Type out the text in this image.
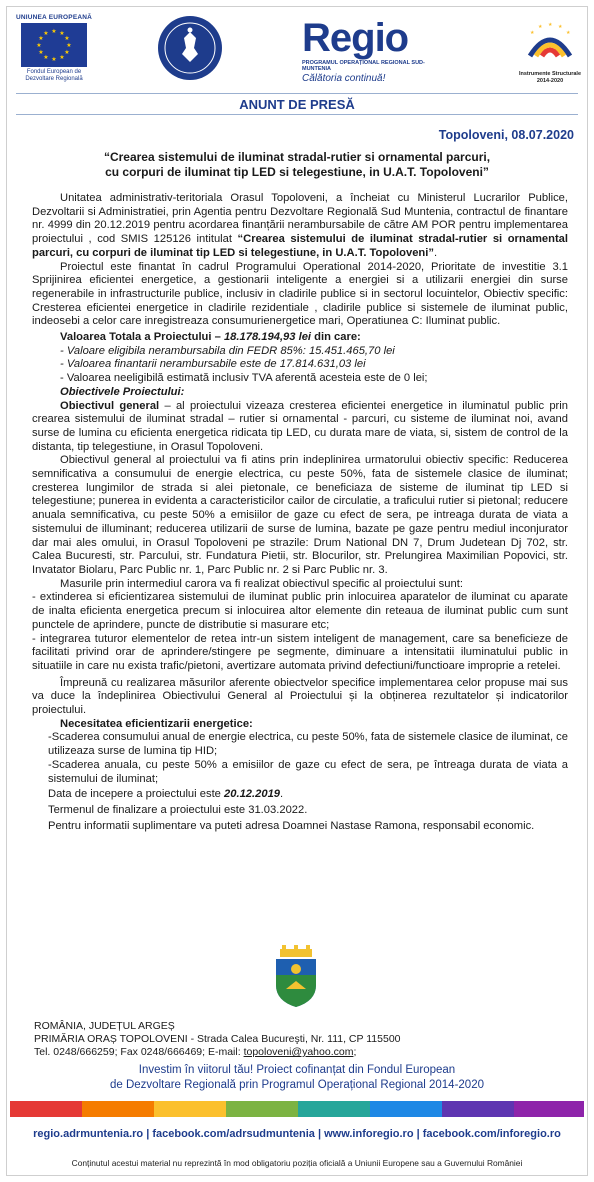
UNIUNEA EUROPEANĂ
★ ★
★
★
★
★
★
★
★
★
★
★
Fondul European de
Dezvoltare Regională
Regio
PROGRAMUL OPERAȚIONAL REGIONAL SUD-MUNTENIA
Călătoria continuă!
★
★ ★ ★
★
Instrumente Structurale
2014-2020
ANUNT DE PRESĂ
Topoloveni, 08.07.2020
“Crearea sistemului de iluminat stradal-rutier si ornamental parcuri,
cu corpuri de iluminat tip LED si telegestiune, in U.A.T. Topoloveni”

Unitatea administrativ-teritoriala Orasul Topoloveni, a încheiat cu Ministerul Lucrarilor Publice, Dezvoltarii si Administratiei, prin Agentia pentru Dezvoltare Regională Sud Muntenia, contractul de finantare nr. 4999 din 20.12.2019 pentru acordarea finanțării nerambursabile de către AM POR pentru implementarea proiectului , cod SMIS 125126 intitulat “Crearea sistemului de iluminat stradal-rutier si ornamental parcuri, cu corpuri de iluminat tip LED si telegestiune, in U.A.T. Topoloveni”.

Proiectul este finantat în cadrul Programului Operational 2014-2020, Prioritate de investitie 3.1 Sprijinirea eficientei energetice, a gestionarii inteligente a energiei si a utilizarii energiei din surse regenerabile in infrastructurile publice, inclusiv in cladirile publice si in sectorul locuintelor, Obiectiv specific: Cresterea eficientei energetice in cladirile rezidentiale , cladirile publice si sistemele de iluminat public, indeosebi a celor care inregistreaza consumurienergetice mari, Operatiunea C: Iluminat public.

Valoarea Totala a Proiectului – 18.178.194,93 lei din care:

- Valoare eligibila nerambursabila din FEDR 85%: 15.451.465,70 lei

- Valoarea finantarii nerambursabile este de 17.814.631,03 lei

- Valoarea neeligibilă estimată inclusiv TVA aferentă acesteia este de 0 lei;

Obiectivele Proiectului:

Obiectivul general – al proiectului vizeaza cresterea eficientei energetice in iluminatul public prin crearea sistemului de iluminat stradal – rutier si ornamental - parcuri, cu sisteme de iluminat noi, avand surse de lumina cu eficienta energetica ridicata tip LED, cu durata mare de viata, si, sistem de control de la distanta, tip telegestiune, in Orasul Topoloveni.

Obiectivul general al proiectului va fi atins prin indeplinirea urmatorului obiectiv specific: Reducerea semnificativa a consumului de energie electrica, cu peste 50%, fata de sistemele clasice de iluminat; cresterea lungimilor de strada si alei pietonale, ce beneficiaza de sisteme de iluminat tip LED si telegestiune; punerea in evidenta a caracteristicilor cailor de circulatie, a traficului rutier si pietonal; reducere anuala semnificativa, cu peste 50% a emisiilor de gaze cu efect de sera, pe intreaga durata de viata a sistemului de illuminant; reducerea utilizarii de surse de lumina, bazate pe gaze pentru mediul inconjurator dar mai ales omului, in Orasul Topoloveni pe strazile: Drum National DN 7, Drum Judetean Dj 702, str. Calea Bucuresti, str. Parcului, str. Fundatura Pietii, str. Blocurilor, str. Prelungirea Maximilian Popovici, str. Invatator Biolaru, Parc Public nr. 1, Parc Public nr. 2 si Parc Public nr. 3.

Masurile prin intermediul carora va fi realizat obiectivul specific al proiectului sunt:

- extinderea si eficientizarea sistemului de iluminat public prin inlocuirea aparatelor de iluminat cu aparate de inalta eficienta energetica precum si inlocuirea altor elemente din reteaua de iluminat public cum sunt punctele de aprindere, puncte de distributie si masurare etc;

- integrarea tuturor elementelor de retea intr-un sistem inteligent de management, care sa beneficieze de facilitati privind orar de aprindere/stingere pe segmente, diminuare a intensitatii iluminatului public in situatiile in care nu exista trafic/pietoni, avertizare automata privind defectiuni/functioare improprie a retelei.

Împreună cu realizarea măsurilor aferente obiectvelor specifice implementarea celor propuse mai sus va duce la îndeplinirea Obiectivului General al Proiectului și la obținerea rezultatelor și indicatorilor proiectului.

Necesitatea eficientizarii energetice:

-Scaderea consumului anual de energie electrica, cu peste 50%, fata de sistemele clasice de iluminat, ce utilizeaza surse de lumina tip HID;

-Scaderea anuala, cu peste 50% a emisiilor de gaze cu efect de sera, pe întreaga durata de viata a sistemului de iluminat;

Data de incepere a proiectului este 20.12.2019.

Termenul de finalizare a proiectului este 31.03.2022.

Pentru informatii suplimentare va puteti adresa Doamnei Nastase Ramona, responsabil economic.

ROMÂNIA, JUDEȚUL ARGEȘ
PRIMĂRIA ORAȘ TOPOLOVENI - Strada Calea Bucureşti, Nr. 111, CP 115500
Tel. 0248/666259; Fax 0248/666469; E-mail: topoloveni@yahoo.com;
Investim în viitorul tău! Proiect cofinanțat din Fondul European
de Dezvoltare Regională prin Programul Operațional Regional 2014-2020
regio.adrmuntenia.ro | facebook.com/adrsudmuntenia | www.inforegio.ro | facebook.com/inforegio.ro
Conținutul acestui material nu reprezintă în mod obligatoriu poziția oficială a Uniunii Europene sau a Guvernului României
